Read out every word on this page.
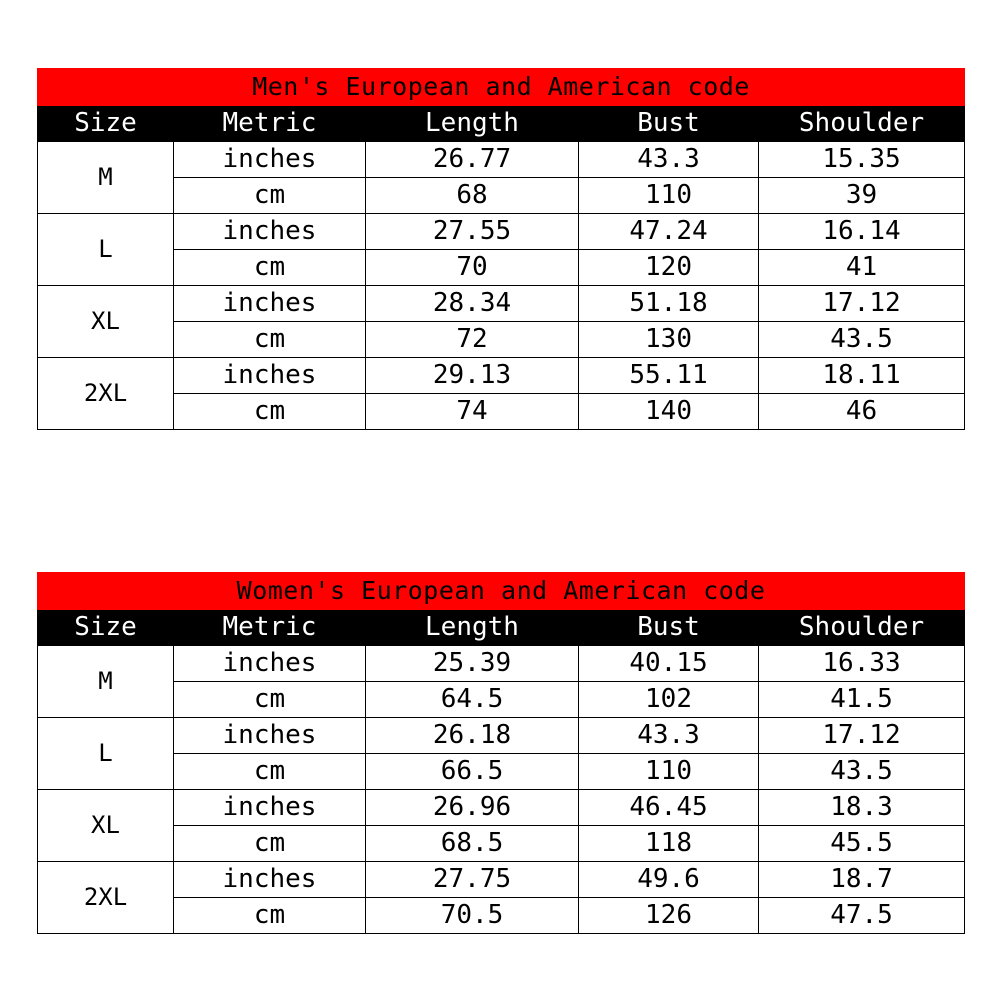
Men's European and American code				
Size	Metric	Length	Bust	Shoulder
M	inches	26.77	43.3	15.35
	cm	68	110	39
L	inches	27.55	47.24	16.14
	cm	70	120	41
XL	inches	28.34	51.18	17.12
	cm	72	130	43.5
2XL	inches	29.13	55.11	18.11
	cm	74	140	46
Women's European and American code				
Size	Metric	Length	Bust	Shoulder
M	inches	25.39	40.15	16.33
	cm	64.5	102	41.5
L	inches	26.18	43.3	17.12
	cm	66.5	110	43.5
XL	inches	26.96	46.45	18.3
	cm	68.5	118	45.5
2XL	inches	27.75	49.6	18.7
	cm	70.5	126	47.5
